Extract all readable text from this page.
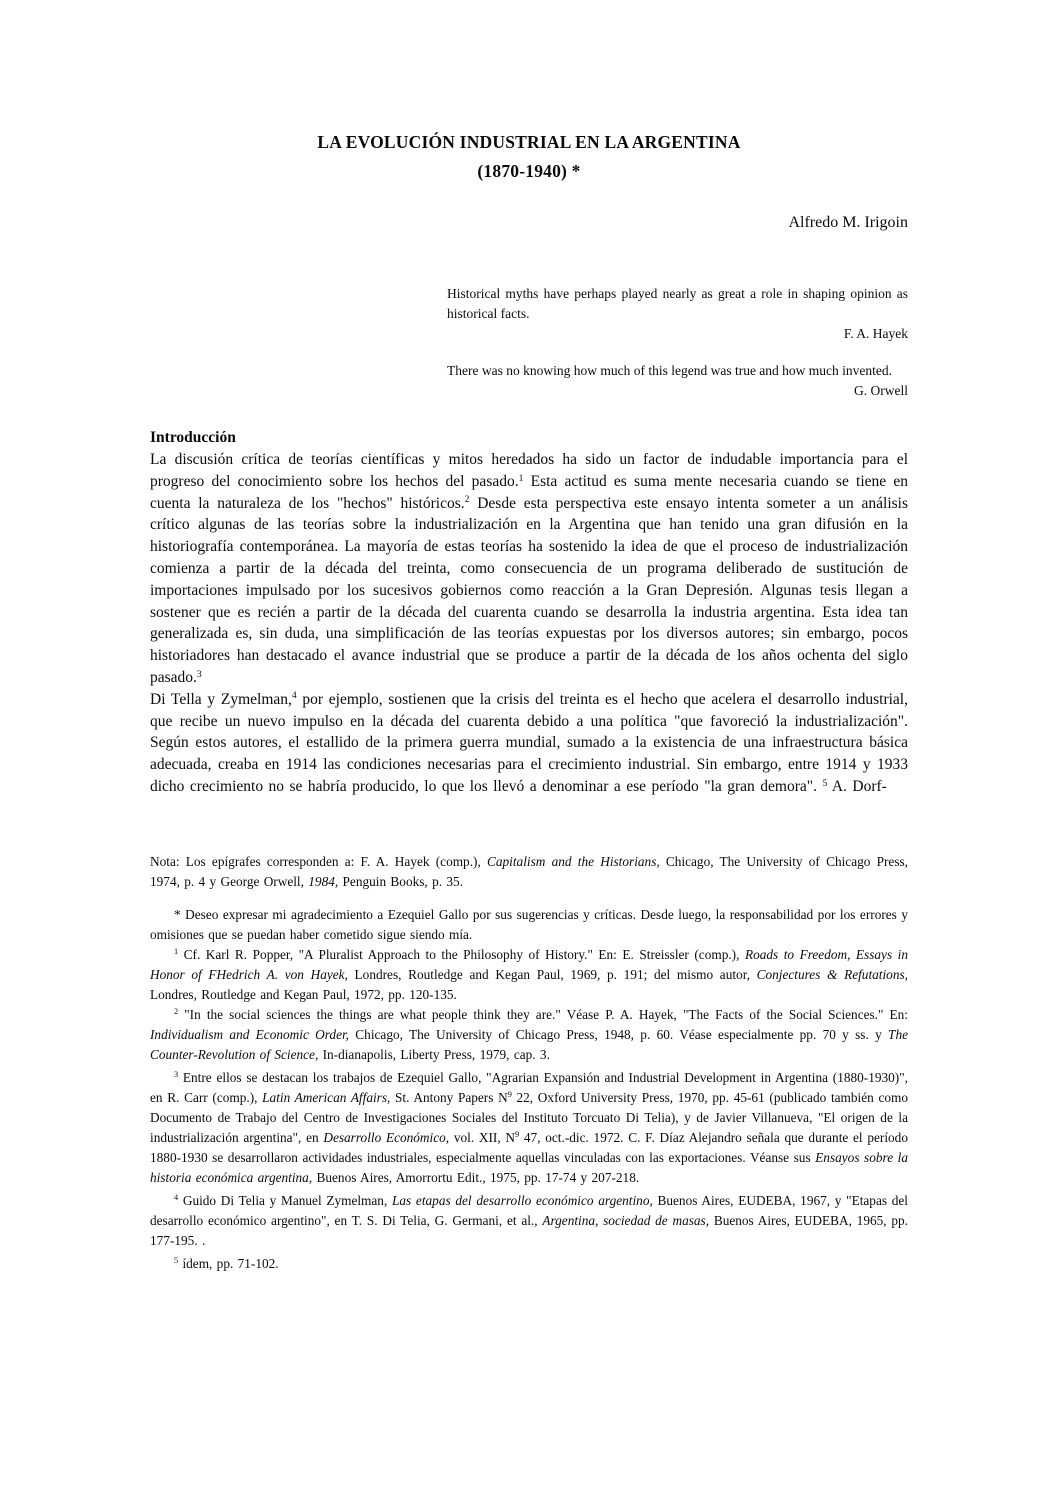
LA EVOLUCIÓN INDUSTRIAL EN LA ARGENTINA
(1870-1940) *
Alfredo M. Irigoin
Historical myths have perhaps played nearly as great a role in shaping opinion as historical facts.
F. A. Hayek
There was no knowing how much of this legend was true and how much invented.
G. Orwell
Introducción
La discusión crítica de teorías científicas y mitos heredados ha sido un factor de indudable importancia para el progreso del conocimiento sobre los hechos del pasado.$^1$ Esta actitud es suma mente necesaria cuando se tiene en cuenta la naturaleza de los "hechos" históricos.$^2$ Desde esta perspectiva este ensayo intenta someter a un análisis crítico algunas de las teorías sobre la industrialización en la Argentina que han tenido una gran difusión en la historiografía contemporánea. La mayoría de estas teorías ha sostenido la idea de que el proceso de industrialización comienza a partir de la década del treinta, como consecuencia de un programa deliberado de sustitución de importaciones impulsado por los sucesivos gobiernos como reacción a la Gran Depresión. Algunas tesis llegan a sostener que es recién a partir de la década del cuarenta cuando se desarrolla la industria argentina. Esta idea tan generalizada es, sin duda, una simplificación de las teorías expuestas por los diversos autores; sin embargo, pocos historiadores han destacado el avance industrial que se produce a partir de la década de los años ochenta del siglo pasado.$^3$
Di Tella y Zymelman,$^4$ por ejemplo, sostienen que la crisis del treinta es el hecho que acelera el desarrollo industrial, que recibe un nuevo impulso en la década del cuarenta debido a una política "que favoreció la industrialización". Según estos autores, el estallido de la primera guerra mundial, sumado a la existencia de una infraestructura básica adecuada, creaba en 1914 las condiciones necesarias para el crecimiento industrial. Sin embargo, entre 1914 y 1933 dicho crecimiento no se habría producido, lo que los llevó a denominar a ese período "la gran demora". $^5$ A. Dorf-
Nota: Los epígrafes corresponden a: F. A. Hayek (comp.), Capitalism and the Historians, Chicago, The University of Chicago Press, 1974, p. 4 y George Orwell, 1984, Penguin Books, p. 35.
* Deseo expresar mi agradecimiento a Ezequiel Gallo por sus sugerencias y críticas. Desde luego, la responsabilidad por los errores y omisiones que se puedan haber cometido sigue siendo mía.
$^1$ Cf. Karl R. Popper, "A Pluralist Approach to the Philosophy of History." En: E. Streissler (comp.), Roads to Freedom, Essays in Honor of FHedrich A. von Hayek, Londres, Routledge and Kegan Paul, 1969, p. 191; del mismo autor, Conjectures & Refutations, Londres, Routledge and Kegan Paul, 1972, pp. 120-135.
$^2$ "In the social sciences the things are what people think they are." Véase P. A. Hayek, "The Facts of the Social Sciences." En: Individualism and Economic Order, Chicago, The University of Chicago Press, 1948, p. 60. Véase especialmente pp. 70 y ss. y The Counter-Revolution of Science, In-dianapolis, Liberty Press, 1979, cap. 3.
$^3$ Entre ellos se destacan los trabajos de Ezequiel Gallo, "Agrarian Expansión and Industrial Development in Argentina (1880-1930)", en R. Carr (comp.), Latin American Affairs, St. Antony Papers $N^9$ 22, Oxford University Press, 1970, pp. 45-61 (publicado también como Documento de Trabajo del Centro de Investigaciones Sociales del Instituto Torcuato Di Telia), y de Javier Villanueva, "El origen de la industrialización argentina", en Desarrollo Económico, vol. XII, $N^9$ 47, oct.-dic. 1972. C. F. Díaz Alejandro señala que durante el período 1880-1930 se desarrollaron actividades industriales, especialmente aquellas vinculadas con las exportaciones. Véanse sus Ensayos sobre la historia económica argentina, Buenos Aires, Amorrortu Edit., 1975, pp. 17-74 y 207-218.
$^4$ Guido Di Telia y Manuel Zymelman, Las etapas del desarrollo económico argentino, Buenos Aires, EUDEBA, 1967, y "Etapas del desarrollo económico argentino", en T. S. Di Telia, G. Germani, et al., Argentina, sociedad de masas, Buenos Aires, EUDEBA, 1965, pp. 177-195. .
$^5$ ídem, pp. 71-102.
